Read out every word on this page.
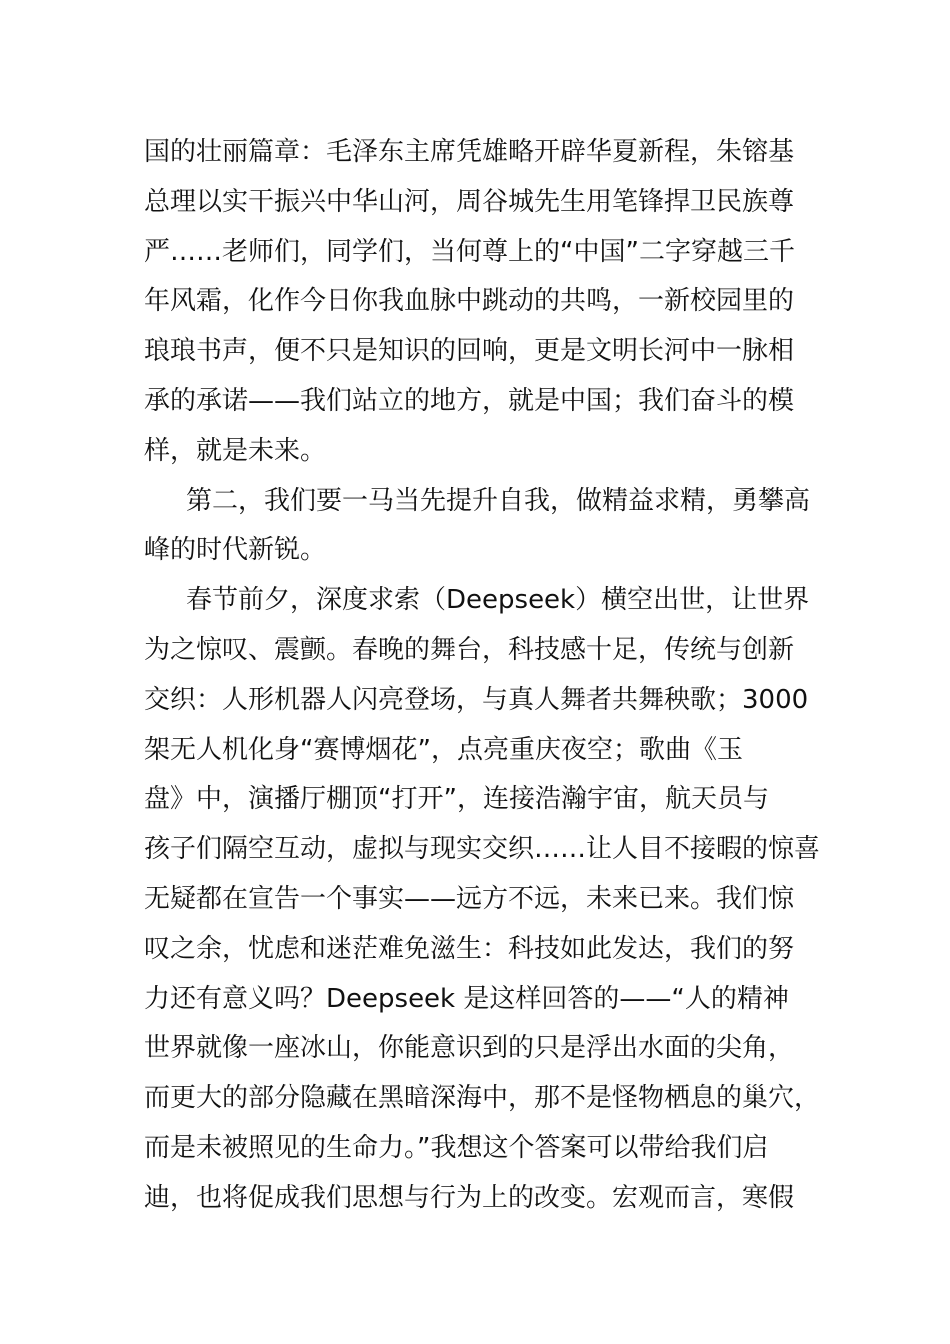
国的壮丽篇章：毛泽东主席凭雄略开辟华夏新程，朱镕基
总理以实干振兴中华山河，周谷城先生用笔锋捍卫民族尊
严……老师们，同学们，当何尊上的“中国”二字穿越三千
年风霜，化作今日你我血脉中跳动的共鸣，一新校园里的
琅琅书声，便不只是知识的回响，更是文明长河中一脉相
承的承诺——我们站立的地方，就是中国；我们奋斗的模
样，就是未来。
第二，我们要一马当先提升自我，做精益求精，勇攀高
峰的时代新锐。
春节前夕，深度求索（Deepseek）横空出世，让世界
为之惊叹、震颤。春晚的舞台，科技感十足，传统与创新
交织：人形机器人闪亮登场，与真人舞者共舞秧歌；3000
架无人机化身“赛博烟花”，点亮重庆夜空；歌曲《玉
盘》中，演播厅棚顶“打开”，连接浩瀚宇宙，航天员与
孩子们隔空互动，虚拟与现实交织……让人目不接暇的惊喜
无疑都在宣告一个事实——远方不远，未来已来。我们惊
叹之余，忧虑和迷茫难免滋生：科技如此发达，我们的努
力还有意义吗？Deepseek 是这样回答的——“人的精神
世界就像一座冰山，你能意识到的只是浮出水面的尖角，
而更大的部分隐藏在黑暗深海中，那不是怪物栖息的巢穴，
而是未被照见的生命力。”我想这个答案可以带给我们启
迪，也将促成我们思想与行为上的改变。宏观而言，寒假
